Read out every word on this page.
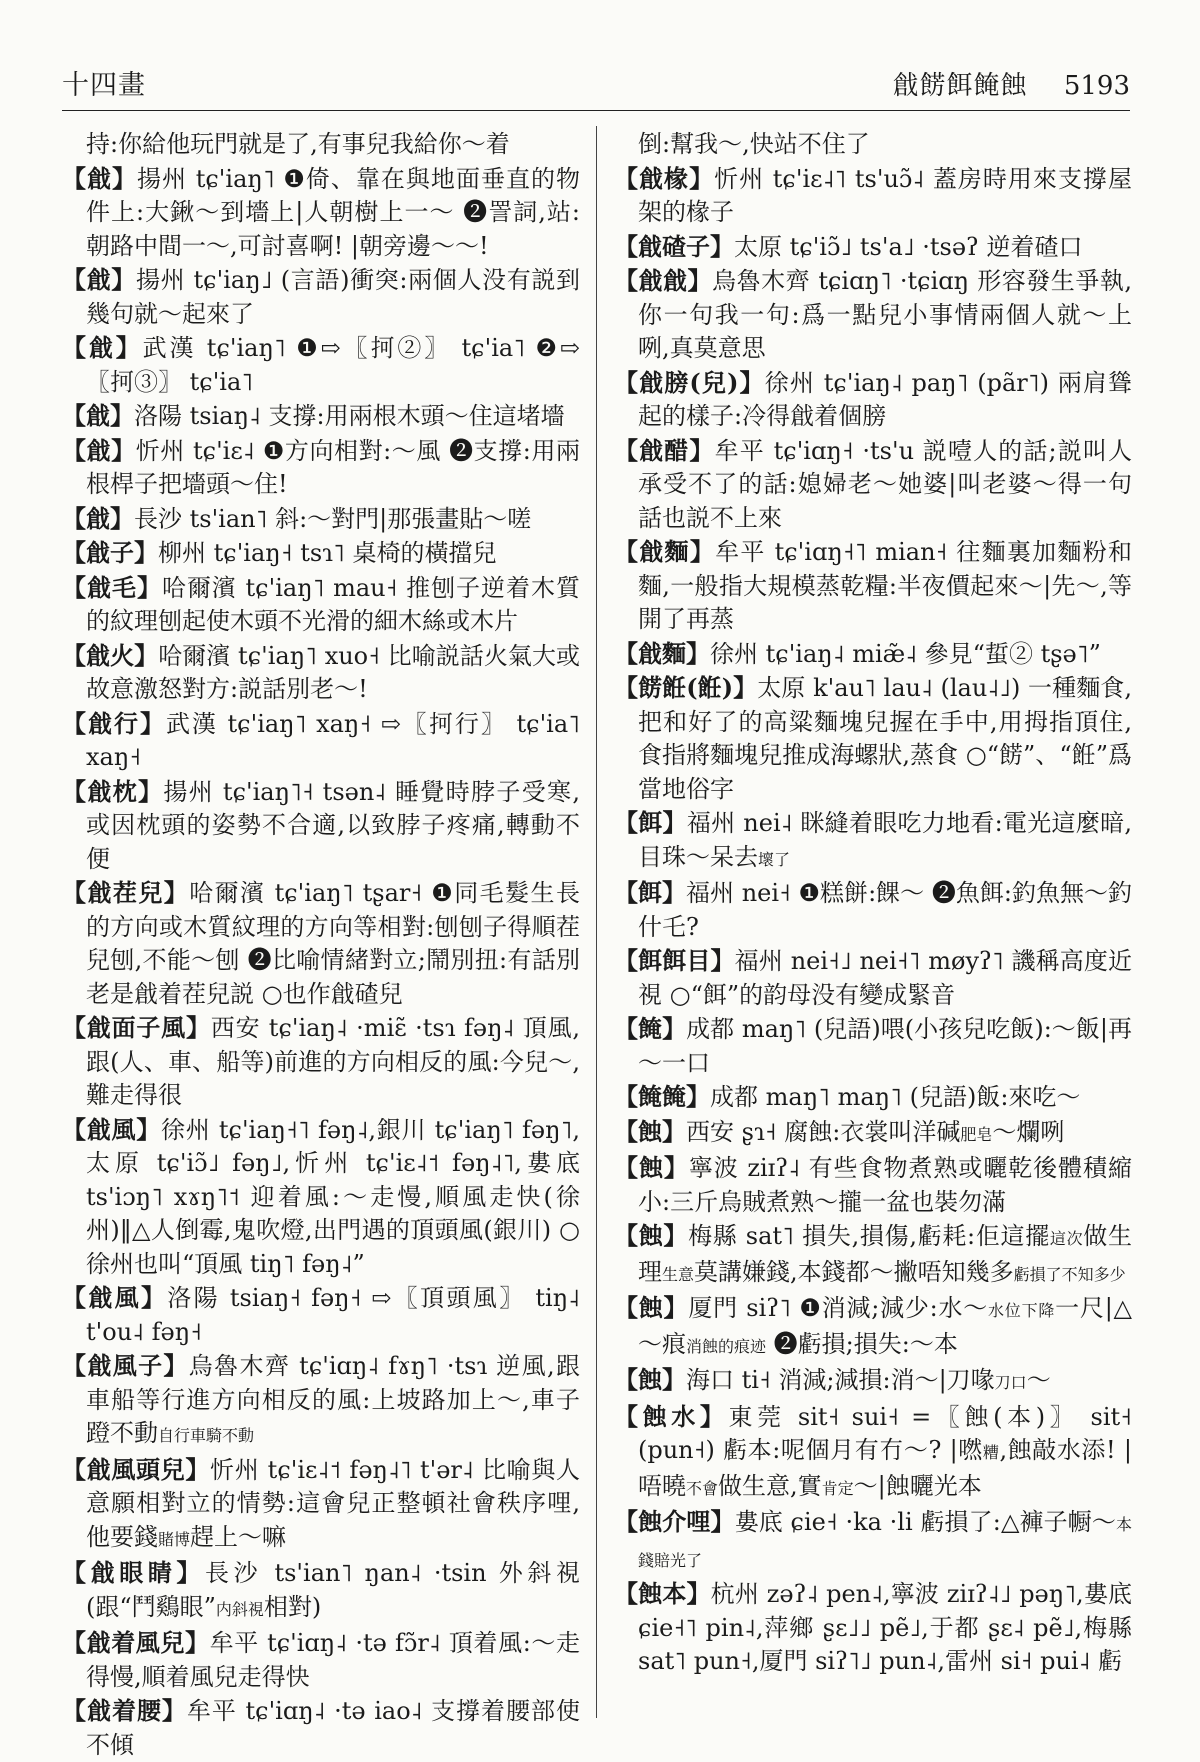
十四畫	戧餝餌餣蝕 5193
持:你給他玩門就是了,有事兒我給你～着
【戧】揚州 tɕ'iaŋ˥ ❶倚、靠在與地面垂直的物件上:大鍬～到墻上|人朝樹上一～ ❷詈詞,站:朝路中間一～,可討喜啊! |朝旁邊～～!
【戧】揚州 tɕ'iaŋ˩ (言語)衝突:兩個人没有説到幾句就～起來了
【戧】武漢 tɕ'iaŋ˥ ❶⇨〖抲②〗 tɕ'ia˥ ❷⇨〖抲③〗 tɕ'ia˥
【戧】洛陽 tsiaŋ˨ 支撐:用兩根木頭～住這堵墻
【戧】忻州 tɕ'iɛ˨ ❶方向相對:～風 ❷支撐:用兩根桿子把墻頭～住!
【戧】長沙 ts'ian˥ 斜:～對門|那張畫貼～嗟
【戧子】柳州 tɕ'iaŋ˧ tsɿ˥ 桌椅的橫擋兒
【戧毛】哈爾濱 tɕ'iaŋ˥ mau˧ 推刨子逆着木質的紋理刨起使木頭不光滑的細木絲或木片
【戧火】哈爾濱 tɕ'iaŋ˥ xuo˧ 比喻説話火氣大或故意激怒對方:説話別老～!
【戧行】武漢 tɕ'iaŋ˥ xaŋ˧ ⇨〖抲行〗 tɕ'ia˥ xaŋ˧
【戧枕】揚州 tɕ'iaŋ˥˧ tsən˨ 睡覺時脖子受寒,或因枕頭的姿勢不合適,以致脖子疼痛,轉動不便
【戧茬兒】哈爾濱 tɕ'iaŋ˥ tʂar˧ ❶同毛髮生長的方向或木質紋理的方向等相對:刨刨子得順茬兒刨,不能～刨 ❷比喻情緒對立;鬧別扭:有話別老是戧着茬兒説 ○也作戧碴兒
【戧面子風】西安 tɕ'iaŋ˨ ·miɛ̃ ·tsɿ fəŋ˨ 頂風,跟(人、車、船等)前進的方向相反的風:今兒～,難走得很
【戧風】徐州 tɕ'iaŋ˧˥ fəŋ˨,銀川 tɕ'iaŋ˥ fəŋ˥,太原 tɕ'iɔ̃˩ fəŋ˩,忻州 tɕ'iɛ˨˦ fəŋ˨˥,婁底 ts'iɔŋ˥ xɤŋ˥˦ 迎着風:～走慢,順風走快(徐州)‖△人倒霉,鬼吹燈,出門遇的頂頭風(銀川) ○徐州也叫“頂風 tiŋ˥ fəŋ˨”
【戧風】洛陽 tsiaŋ˧ fəŋ˧ ⇨〖頂頭風〗 tiŋ˨ t'ou˨ fəŋ˧
【戧風子】烏魯木齊 tɕ'iɑŋ˨ fɤŋ˥ ·tsɿ 逆風,跟車船等行進方向相反的風:上坡路加上～,車子蹬不動自行車騎不動
【戧風頭兒】忻州 tɕ'iɛ˨˦ fəŋ˨˥ t'ər˨ 比喻與人意願相對立的情勢:這會兒正整頓社會秩序哩,他要錢賭博趕上～嘛
【戧眼睛】長沙 ts'ian˥ ŋan˨ ·tsin 外斜視(跟“鬥鷄眼”内斜視相對)
【戧着風兒】牟平 tɕ'iɑŋ˨ ·tə fɔ̃r˨ 頂着風:～走得慢,順着風兒走得快
【戧着腰】牟平 tɕ'iɑŋ˨ ·tə iao˨ 支撐着腰部使不傾
倒:幫我～,快站不住了
【戧椽】忻州 tɕ'iɛ˨˥ ts'uɔ̃˨ 蓋房時用來支撐屋架的椽子
【戧碴子】太原 tɕ'iɔ̃˩ ts'a˩ ·tsəʔ 逆着碴口
【戧戧】烏魯木齊 tɕiɑŋ˥ ·tɕiɑŋ 形容發生爭執,你一句我一句:爲一點兒小事情兩個人就～上咧,真莫意思
【戧膀(兒)】徐州 tɕ'iaŋ˨ paŋ˥ (pãr˥) 兩肩聳起的樣子:冷得戧着個膀
【戧醋】牟平 tɕ'iɑŋ˧ ·ts'u 説噎人的話;説叫人承受不了的話:媳婦老～她婆|叫老婆～得一句話也説不上來
【戧麵】牟平 tɕ'iɑŋ˧˥ mian˧ 往麵裏加麵粉和麵,一般指大規模蒸乾糧:半夜價起來～|先～,等開了再蒸
【戧麵】徐州 tɕ'iaŋ˨ miæ̃˨ 參見“蜇② tʂə˥”
【餝餁(餁)】太原 k'au˥ lau˨ (lau˨˩) 一種麵食,把和好了的高粱麵塊兒握在手中,用拇指頂住,食指將麵塊兒推成海螺狀,蒸食 ○“餝”、“餁”爲當地俗字
【餌】福州 nei˨ 眯縫着眼吃力地看:電光這麼暗,目珠～呆去壞了
【餌】福州 nei˧ ❶糕餅:餜～ ❷魚餌:釣魚無～釣什乇?
【餌餌目】福州 nei˧˩ nei˧˥ møyʔ˥ 譏稱高度近視 ○“餌”的韵母没有變成緊音
【餣】成都 maŋ˥ (兒語)喂(小孩兒吃飯):～飯|再～一口
【餣餣】成都 maŋ˥ maŋ˥ (兒語)飯:來吃～
【蝕】西安 ʂɿ˧ 腐蝕:衣裳叫洋碱肥皂～爛咧
【蝕】寧波 ziɪʔ˨ 有些食物煮熟或曬乾後體積縮小:三斤烏賊煮熟～攏一盆也裝勿滿
【蝕】梅縣 sat˥ 損失,損傷,虧耗:佢這擺這次做生理生意莫講嫌錢,本錢都～撇唔知幾多虧損了不知多少
【蝕】厦門 siʔ˥ ❶消減;減少:水～水位下降一尺|△～痕消蝕的痕迹 ❷虧損;損失:～本
【蝕】海口 ti˧ 消減;減損:消～|刀喙刀口～
【蝕水】東莞 sit˧ sui˧ =〖蝕(本)〗 sit˧ (pun˧) 虧本:呢個月有冇～? |嘫糟,蝕敲水添! |唔曉不會做生意,實肯定～|蝕曬光本
【蝕介哩】婁底 ɕie˧ ·ka ·li 虧損了:△褲子㡡～本錢賠光了
【蝕本】杭州 zəʔ˨ pen˨,寧波 ziɪʔ˨˩ pəŋ˥,婁底 ɕie˧˥ pin˨,萍鄉 ʂɛ˩˩ pẽ˩,于都 ʂɛ˨ pẽ˩,梅縣 sat˥ pun˧,厦門 siʔ˥˩ pun˨,雷州 si˧ pui˨ 虧
